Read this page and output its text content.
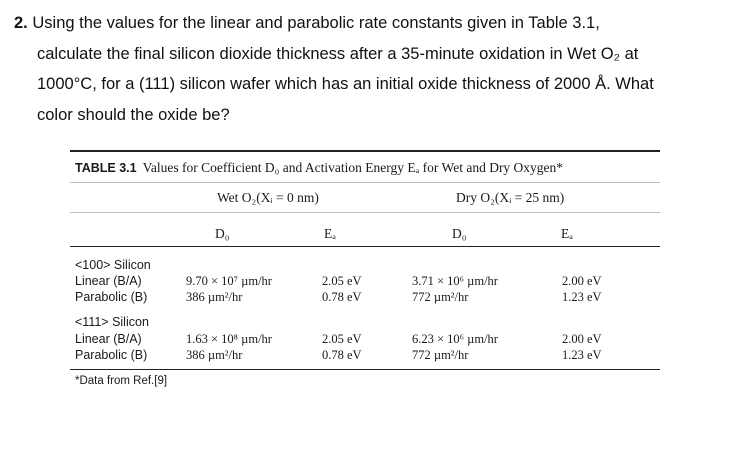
2. Using the values for the linear and parabolic rate constants given in Table 3.1,
calculate the final silicon dioxide thickness after a 35-minute oxidation in Wet O₂ at
1000°C, for a (111) silicon wafer which has an initial oxide thickness of 2000 Å. What
color should the oxide be?
TABLE 3.1 Values for Coefficient D₀ and Activation Energy Eₐ for Wet and Dry Oxygen*
Wet O₂(Xᵢ = 0 nm)	Dry O₂(Xᵢ = 25 nm)
D₀	Eₐ	D₀	Eₐ
<100> Silicon
Linear (B/A)	9.70 × 10⁷ µm/hr	2.05 eV	3.71 × 10⁶ µm/hr	2.00 eV
Parabolic (B)	386 µm²/hr	0.78 eV	772 µm²/hr	1.23 eV
<111> Silicon
Linear (B/A)	1.63 × 10⁸ µm/hr	2.05 eV	6.23 × 10⁶ µm/hr	2.00 eV
Parabolic (B)	386 µm²/hr	0.78 eV	772 µm²/hr	1.23 eV
*Data from Ref.[9]
